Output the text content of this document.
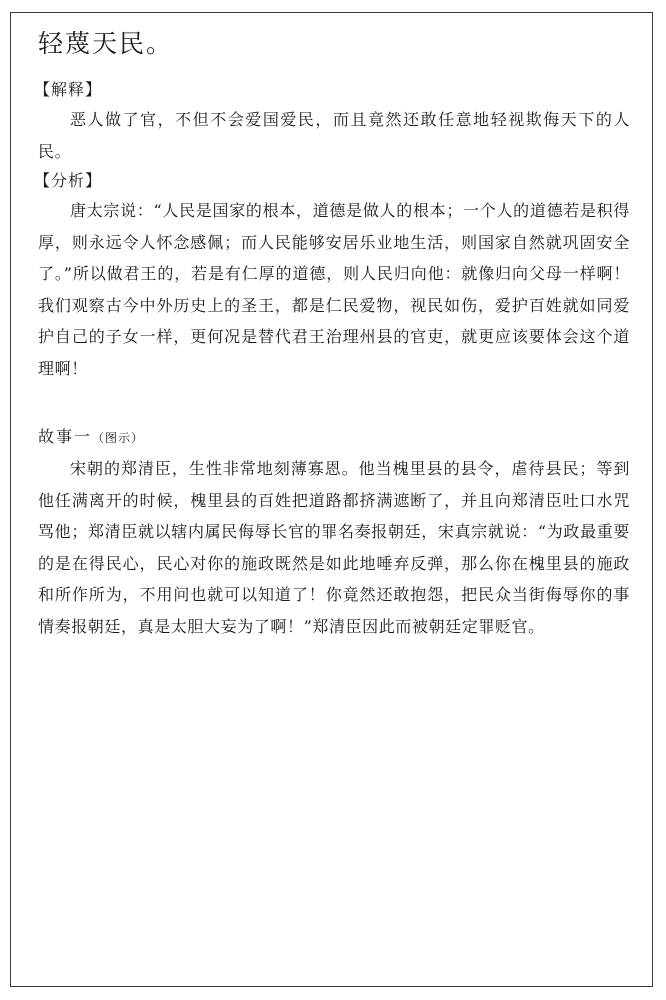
轻蔑天民。
【解释】

恶人做了官，不但不会爱国爱民，而且竟然还敢任意地轻视欺侮天下的人民。

【分析】

唐太宗说：“人民是国家的根本，道德是做人的根本；一个人的道德若是积得厚，则永远令人怀念感佩；而人民能够安居乐业地生活，则国家自然就巩固安全了。”所以做君王的，若是有仁厚的道德，则人民归向他：就像归向父母一样啊！我们观察古今中外历史上的圣王，都是仁民爱物，视民如伤，爱护百姓就如同爱护自己的子女一样，更何况是替代君王治理州县的官吏，就更应该要体会这个道理啊！

故事一（图示）

宋朝的郑清臣，生性非常地刻薄寡恩。他当槐里县的县令，虐待县民；等到他任满离开的时候，槐里县的百姓把道路都挤满遮断了，并且向郑清臣吐口水咒骂他；郑清臣就以辖内属民侮辱长官的罪名奏报朝廷，宋真宗就说：“为政最重要的是在得民心，民心对你的施政既然是如此地唾弃反弹，那么你在槐里县的施政和所作所为，不用问也就可以知道了！你竟然还敢抱怨，把民众当街侮辱你的事情奏报朝廷，真是太胆大妄为了啊！”郑清臣因此而被朝廷定罪贬官。
